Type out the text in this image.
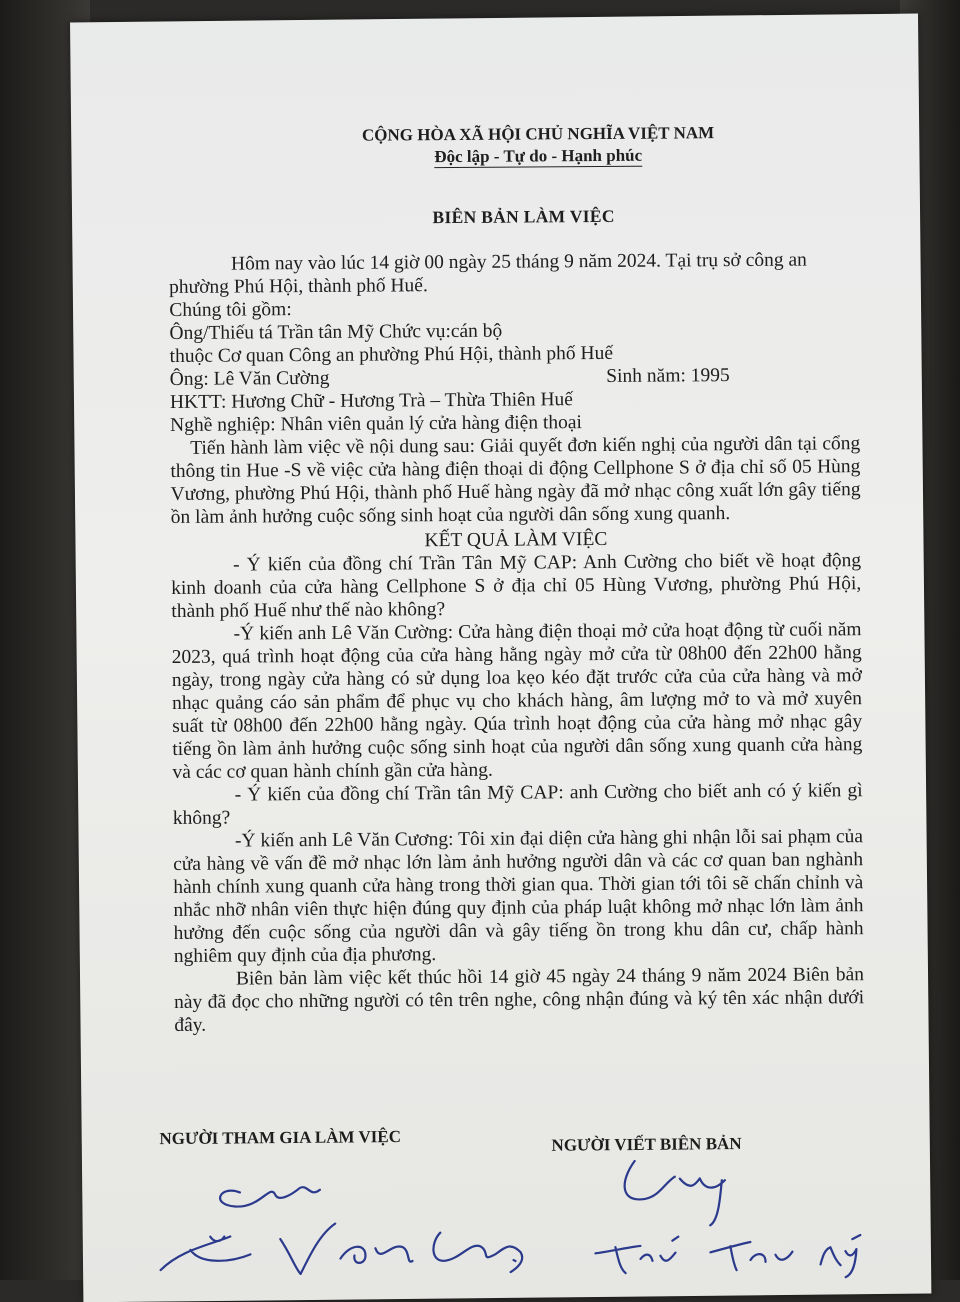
CỘNG HÒA XÃ HỘI CHỦ NGHĨA VIỆT NAM
Độc lập - Tự do - Hạnh phúc
BIÊN BẢN LÀM VIỆC

Hôm nay vào lúc 14 giờ 00 ngày 25 tháng 9 năm 2024. Tại trụ sở công an

phường Phú Hội, thành phố Huế.

Chúng tôi gồm:

Ông/Thiếu tá Trần tân Mỹ Chức vụ:cán bộ

thuộc Cơ quan Công an phường Phú Hội, thành phố Huế

Ông: Lê Văn Cường	Sinh năm: 1995

HKTT: Hương Chữ - Hương Trà – Thừa Thiên Huế

Nghề nghiệp: Nhân viên quản lý cửa hàng điện thoại

Tiến hành làm việc về nội dung sau: Giải quyết đơn kiến nghị của người dân tại cổng thông tin Hue -S về việc cửa hàng điện thoại di động Cellphone S ở địa chỉ số 05 Hùng Vương, phường Phú Hội, thành phố Huế hàng ngày đã mở nhạc công xuất lớn gây tiếng ồn làm ảnh hưởng cuộc sống sinh hoạt của người dân sống xung quanh.

KẾT QUẢ LÀM VIỆC

- Ý kiến của đồng chí Trần Tân Mỹ CAP: Anh Cường cho biết về hoạt động kinh doanh của cửa hàng Cellphone S ở địa chỉ 05 Hùng Vương, phường Phú Hội, thành phố Huế như thế nào không?

-Ý kiến anh Lê Văn Cường: Cửa hàng điện thoại mở cửa hoạt động từ cuối năm 2023, quá trình hoạt động của cửa hàng hằng ngày mở cửa từ 08h00 đến 22h00 hằng ngày, trong ngày cửa hàng có sử dụng loa kẹo kéo đặt trước cửa của cửa hàng và mở nhạc quảng cáo sản phẩm để phục vụ cho khách hàng, âm lượng mở to và mở xuyên suất từ 08h00 đến 22h00 hằng ngày. Qúa trình hoạt động của cửa hàng mở nhạc gây tiếng ồn làm ảnh hưởng cuộc sống sinh hoạt của người dân sống xung quanh cửa hàng và các cơ quan hành chính gần cửa hàng.

- Ý kiến của đồng chí Trần tân Mỹ CAP: anh Cường cho biết anh có ý kiến gì không?

-Ý kiến anh Lê Văn Cương: Tôi xin đại diện cửa hàng ghi nhận lỗi sai phạm của cửa hàng về vấn đề mở nhạc lớn làm ảnh hưởng người dân và các cơ quan ban nghành hành chính xung quanh cửa hàng trong thời gian qua. Thời gian tới tôi sẽ chấn chỉnh và nhắc nhỡ nhân viên thực hiện đúng quy định của pháp luật không mở nhạc lớn làm ảnh hưởng đến cuộc sống của người dân và gây tiếng ồn trong khu dân cư, chấp hành nghiêm quy định của địa phương.

Biên bản làm việc kết thúc hồi 14 giờ 45 ngày 24 tháng 9 năm 2024 Biên bản này đã đọc cho những người có tên trên nghe, công nhận đúng và ký tên xác nhận dưới đây.

NGƯỜI THAM GIA LÀM VIỆC	NGƯỜI VIẾT BIÊN BẢN
